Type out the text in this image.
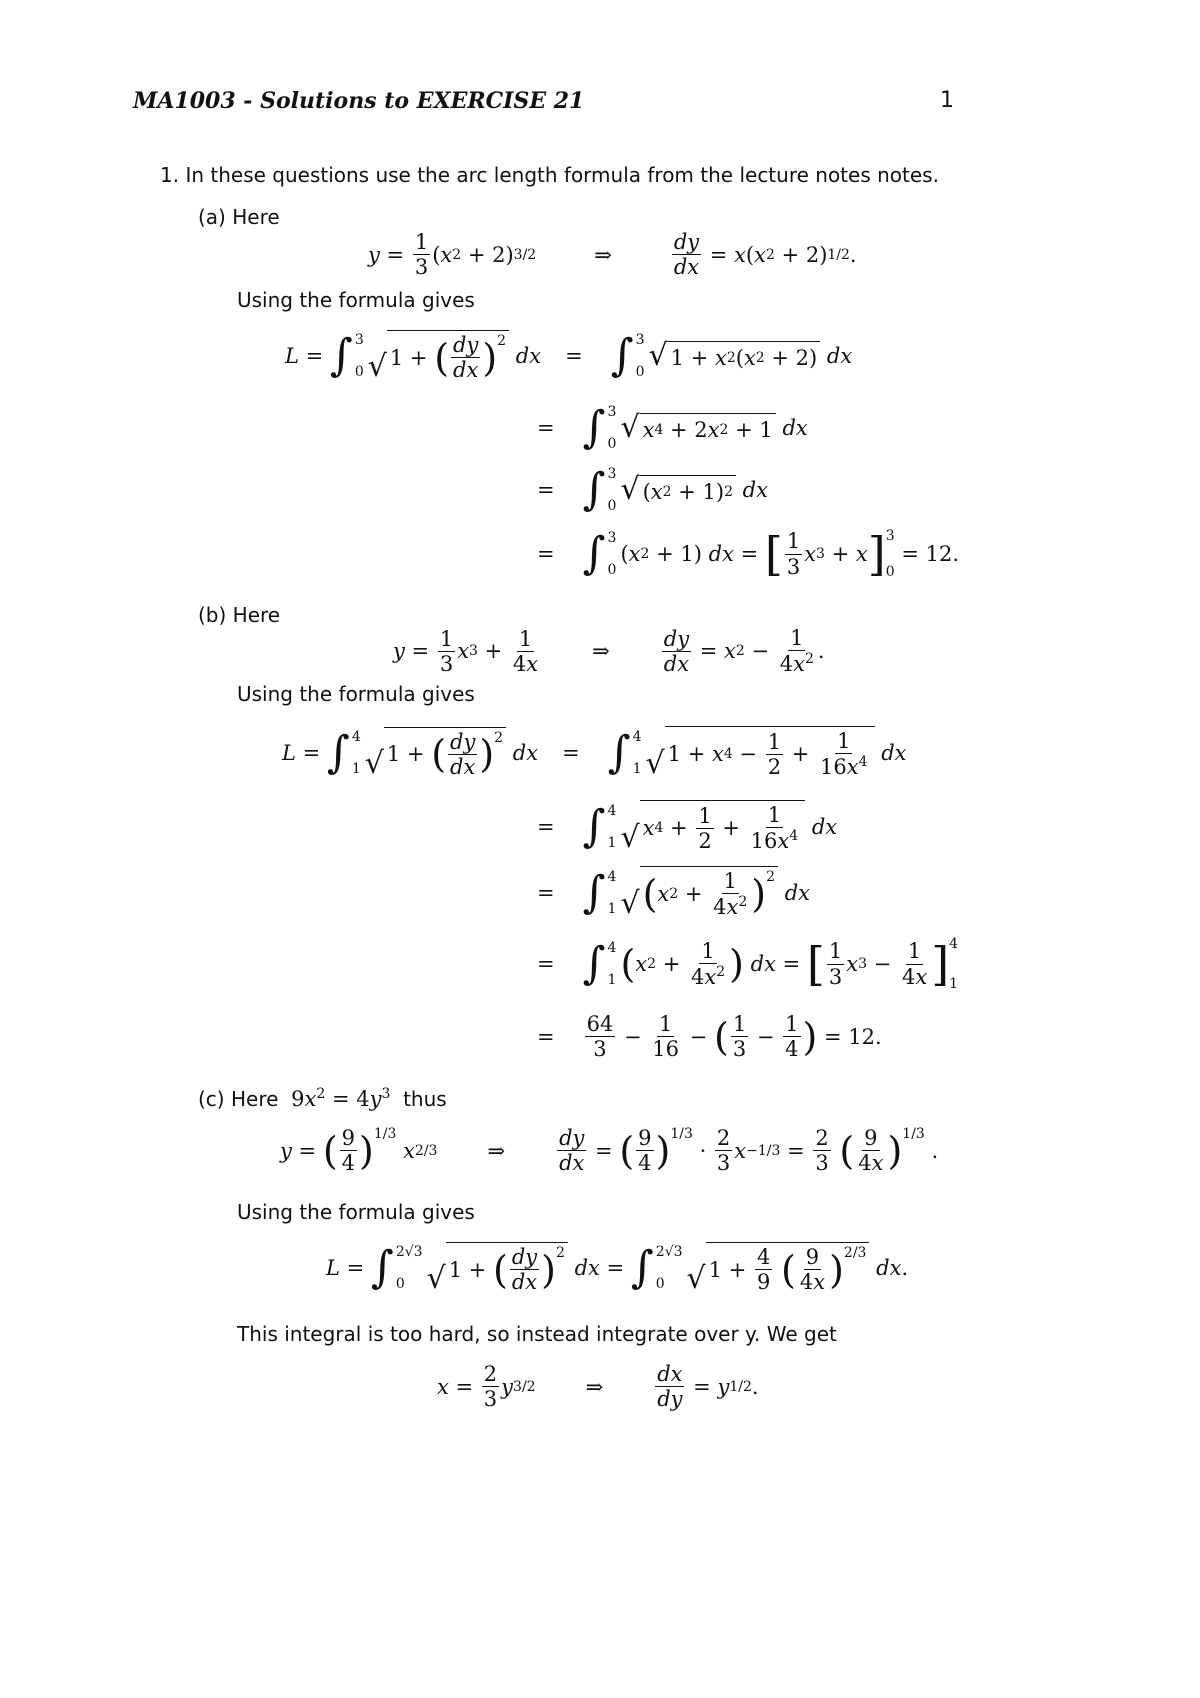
MA1003 - Solutions to EXERCISE 21	1
1. In these questions use the arc length formula from the lecture notes notes.
(a) Here
$y = \frac{1}{3}$ ( x 2 + 2) 3/2	⇒	$\frac{dy}{dx} = x$ ( x 2 + 2) 1/2 .
Using the formula gives
L = ∫ 3
0 √ 1 + ( $\frac{dy}{dx} )^2$

dx = ∫ 3
0 √ 1 + x 2 ( x 2 + 2)
dx
= ∫ 3
0 √ x 4 + 2 x 2 + 1
dx
= ∫ 3
0 √ ( x 2 + 1) 2
dx
= ∫ 3
0
( x 2 + 1) dx = [ $\frac{1}{3}$ x 3 + x ] 3
0

= 12.
(b) Here
$y = \frac{1}{3}$ x $3 + \frac{1}{4x}$ ⇒ $\frac{dy}{dx} = x$ $2 - \frac{1}{4x^2}$ .
Using the formula gives
L = ∫ 4
1 √ 1 + ( $\frac{dy}{dx} )^2$

dx = ∫ 4
1 √ 1 + x $4 - \frac{1}{2} + \frac{1}{16x^4}$
dx
= ∫ 4
1 √ x $4 + \frac{1}{2} + \frac{1}{16x^4}$
dx
= ∫ 4
1 √ ( x $2 + \frac{1}{4x^2} )^2$

dx
= ∫ 4
1 ( x $2 + \frac{1}{4x^2}$ )
dx = [ $\frac{1}{3}$ x $3 - \frac{1}{4x}$ ] 4
1
= $\frac{64}{3} - \frac{1}{16}$ − ( $\frac{1}{3} - \frac{1}{4}$ )
= 12.
(c) Here $9x^2 = 4y^3$ thus
y = ( $\frac{9}{4} )^{1/3}$

x 2/3 ⇒ $\frac{dy}{dx}$ = ( $\frac{9}{4} )^{1/3}$
· $\frac{2}{3}$ $x -1/3 = \frac{2}{3}$
( $\frac{9}{4x} )^{1/3}$
.
Using the formula gives
L = ∫ 2√3
0 √ 1 + ( $\frac{dy}{dx} )^2$

dx = ∫ 2√3
0 √ $1 + \frac{4}{9}$
( $\frac{9}{4x} )^{2/3}$

dx .
This integral is too hard, so instead integrate over y. We get
$x = \frac{2}{3}$ y 3/2 ⇒ $\frac{dx}{dy} = y$ 1/2 .
